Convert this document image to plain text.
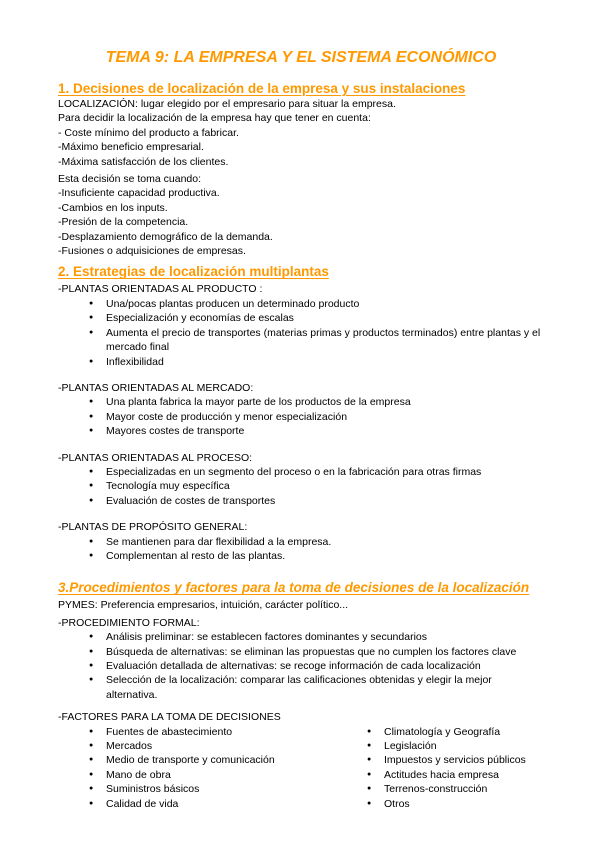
TEMA 9: LA EMPRESA Y EL SISTEMA ECONÓMICO
1. Decisiones de localización de la empresa y sus instalaciones

LOCALIZACIÓN: lugar elegido por el empresario para situar la empresa.

Para decidir la localización de la empresa hay que tener en cuenta:

- Coste mínimo del producto a fabricar.

-Máximo beneficio empresarial.

-Máxima satisfacción de los clientes.

Esta decisión se toma cuando:

-Insuficiente capacidad productiva.

-Cambios en los inputs.

-Presión de la competencia.

-Desplazamiento demográfico de la demanda.

-Fusiones o adquisiciones de empresas.

2. Estrategias de localización multiplantas

-PLANTAS ORIENTADAS AL PRODUCTO :

● Una/pocas plantas producen un determinado producto
● Especialización y economías de escalas
● Aumenta el precio de transportes (materias primas y productos terminados) entre plantas y el mercado final
● Inflexibilidad

-PLANTAS ORIENTADAS AL MERCADO:

● Una planta fabrica la mayor parte de los productos de la empresa
● Mayor coste de producción y menor especialización
● Mayores costes de transporte

-PLANTAS ORIENTADAS AL PROCESO:

● Especializadas en un segmento del proceso o en la fabricación para otras firmas
● Tecnología muy específica
● Evaluación de costes de transportes

-PLANTAS DE PROPÓSITO GENERAL:

● Se mantienen para dar flexibilidad a la empresa.
● Complementan al resto de las plantas.
3.Procedimientos y factores para la toma de decisiones de la localización

PYMES: Preferencia empresarios, intuición, carácter político...

-PROCEDIMIENTO FORMAL:

● Análisis preliminar: se establecen factores dominantes y secundarios
● Búsqueda de alternativas: se eliminan las propuestas que no cumplen los factores clave
● Evaluación detallada de alternativas: se recoge información de cada localización
● Selección de la localización: comparar las calificaciones obtenidas y elegir la mejor alternativa.

-FACTORES PARA LA TOMA DE DECISIONES

● Fuentes de abastecimiento
● Mercados
● Medio de transporte y comunicación
● Mano de obra
● Suministros básicos
● Calidad de vida
● Climatología y Geografía
● Legislación
● Impuestos y servicios públicos
● Actitudes hacia empresa
● Terrenos-construcción
● Otros
